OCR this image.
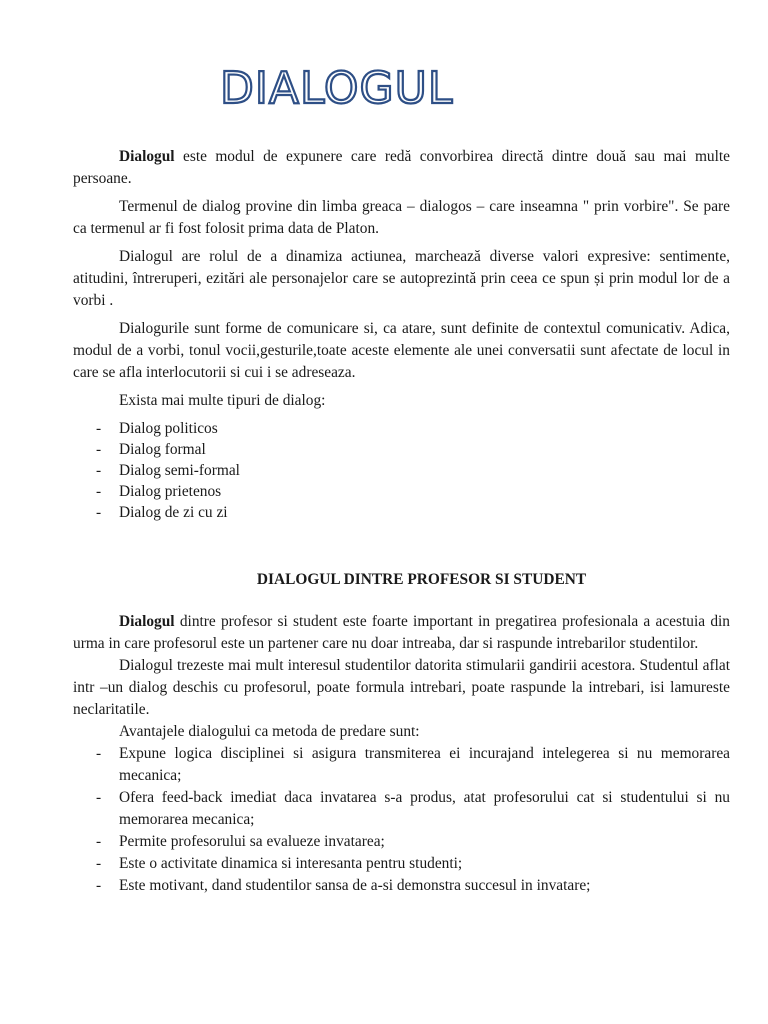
DIALOGUL

Dialogul este modul de expunere care redă convorbirea directă dintre două sau mai multe persoane.

Termenul de dialog provine din limba greaca – dialogos – care inseamna " prin vorbire". Se pare ca termenul ar fi fost folosit prima data de Platon.

Dialogul are rolul de a dinamiza actiunea, marchează diverse valori expresive: sentimente, atitudini, întreruperi, ezitări ale personajelor care se autoprezintă prin ceea ce spun și prin modul lor de a vorbi .

Dialogurile sunt forme de comunicare si, ca atare, sunt definite de contextul comunicativ. Adica, modul de a vorbi, tonul vocii,gesturile,toate aceste elemente ale unei conversatii sunt afectate de locul in care se afla interlocutorii si cui i se adreseaza.

Exista mai multe tipuri de dialog:

- Dialog politicos
- Dialog formal
- Dialog semi-formal
- Dialog prietenos
- Dialog de zi cu zi
DIALOGUL DINTRE PROFESOR SI STUDENT

Dialogul dintre profesor si student este foarte important in pregatirea profesionala a acestuia din urma in care profesorul este un partener care nu doar intreaba, dar si raspunde intrebarilor studentilor.

Dialogul trezeste mai mult interesul studentilor datorita stimularii gandirii acestora. Studentul aflat intr –un dialog deschis cu profesorul, poate formula intrebari, poate raspunde la intrebari, isi lamureste neclaritatile.

Avantajele dialogului ca metoda de predare sunt:

- Expune logica disciplinei si asigura transmiterea ei incurajand intelegerea si nu memorarea mecanica;
- Ofera feed-back imediat daca invatarea s-a produs, atat profesorului cat si studentului si nu memorarea mecanica;
- Permite profesorului sa evalueze invatarea;
- Este o activitate dinamica si interesanta pentru studenti;
- Este motivant, dand studentilor sansa de a-si demonstra succesul in invatare;
